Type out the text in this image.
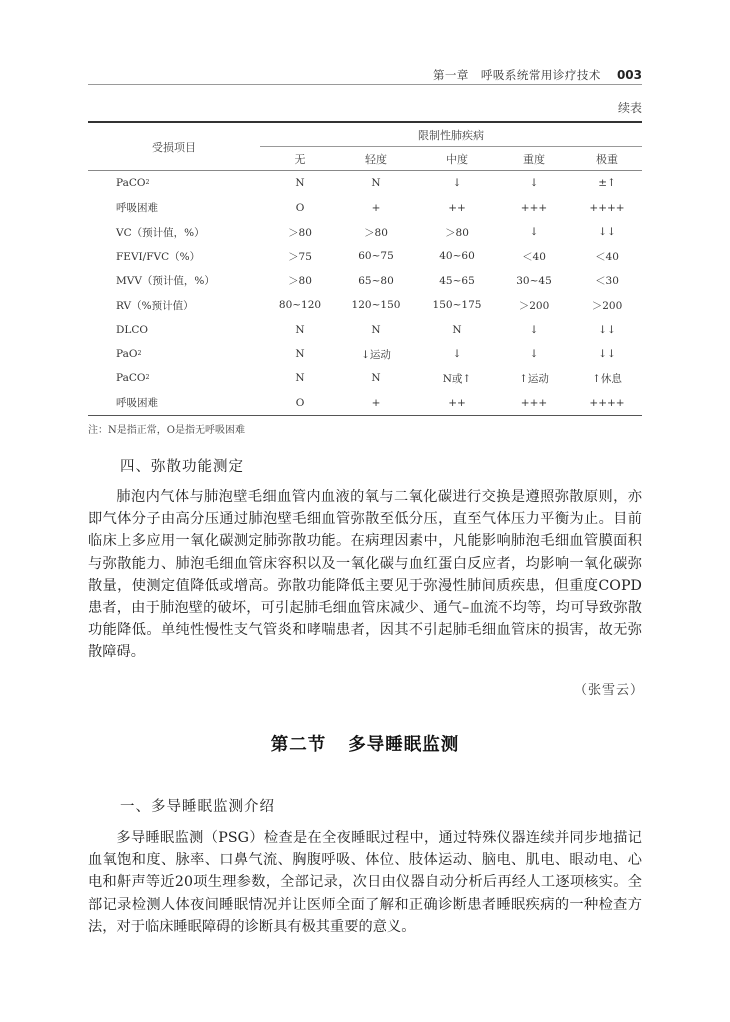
第一章　呼吸系统常用诊疗技术 003
续表
受损项目
限制性肺疾病
无	轻度	中度	重度	极重
PaCO 2	N	N	↓	↓	±↑
呼吸困难	O	+	++	+++	++++
VC（预计值，%）	＞80	＞80	＞80	↓	↓↓
FEVI/FVC（%）	＞75	60~75	40~60	＜40	＜40
MVV（预计值，%）	＞80	65~80	45~65	30~45	＜30
RV（%预计值）	80~120	120~150	150~175	＞200	＞200
DLCO	N	N	N	↓	↓↓
PaO 2	N	↓运动	↓	↓	↓↓
PaCO 2	N	N	N或↑	↑运动	↑休息
呼吸困难	O	+	++	+++	++++
注：N是指正常，O是指无呼吸困难
四、弥散功能测定

肺泡内气体与肺泡壁毛细血管内血液的氧与二氧化碳进行交换是遵照弥散原则，亦即气体分子由高分压通过肺泡壁毛细血管弥散至低分压，直至气体压力平衡为止。目前临床上多应用一氧化碳测定肺弥散功能。在病理因素中，凡能影响肺泡毛细血管膜面积与弥散能力、肺泡毛细血管床容积以及一氧化碳与血红蛋白反应者，均影响一氧化碳弥散量，使测定值降低或增高。弥散功能降低主要见于弥漫性肺间质疾患，但重度COPD患者，由于肺泡壁的破坏，可引起肺毛细血管床减少、通气–血流不均等，均可导致弥散功能降低。单纯性慢性支气管炎和哮喘患者，因其不引起肺毛细血管床的损害，故无弥散障碍。

（张雪云）
第二节 多导睡眠监测
一、多导睡眠监测介绍

多导睡眠监测（PSG）检查是在全夜睡眠过程中，通过特殊仪器连续并同步地描记血氧饱和度、脉率、口鼻气流、胸腹呼吸、体位、肢体运动、脑电、肌电、眼动电、心电和鼾声等近20项生理参数，全部记录，次日由仪器自动分析后再经人工逐项核实。全部记录检测人体夜间睡眠情况并让医师全面了解和正确诊断患者睡眠疾病的一种检查方法，对于临床睡眠障碍的诊断具有极其重要的意义。
